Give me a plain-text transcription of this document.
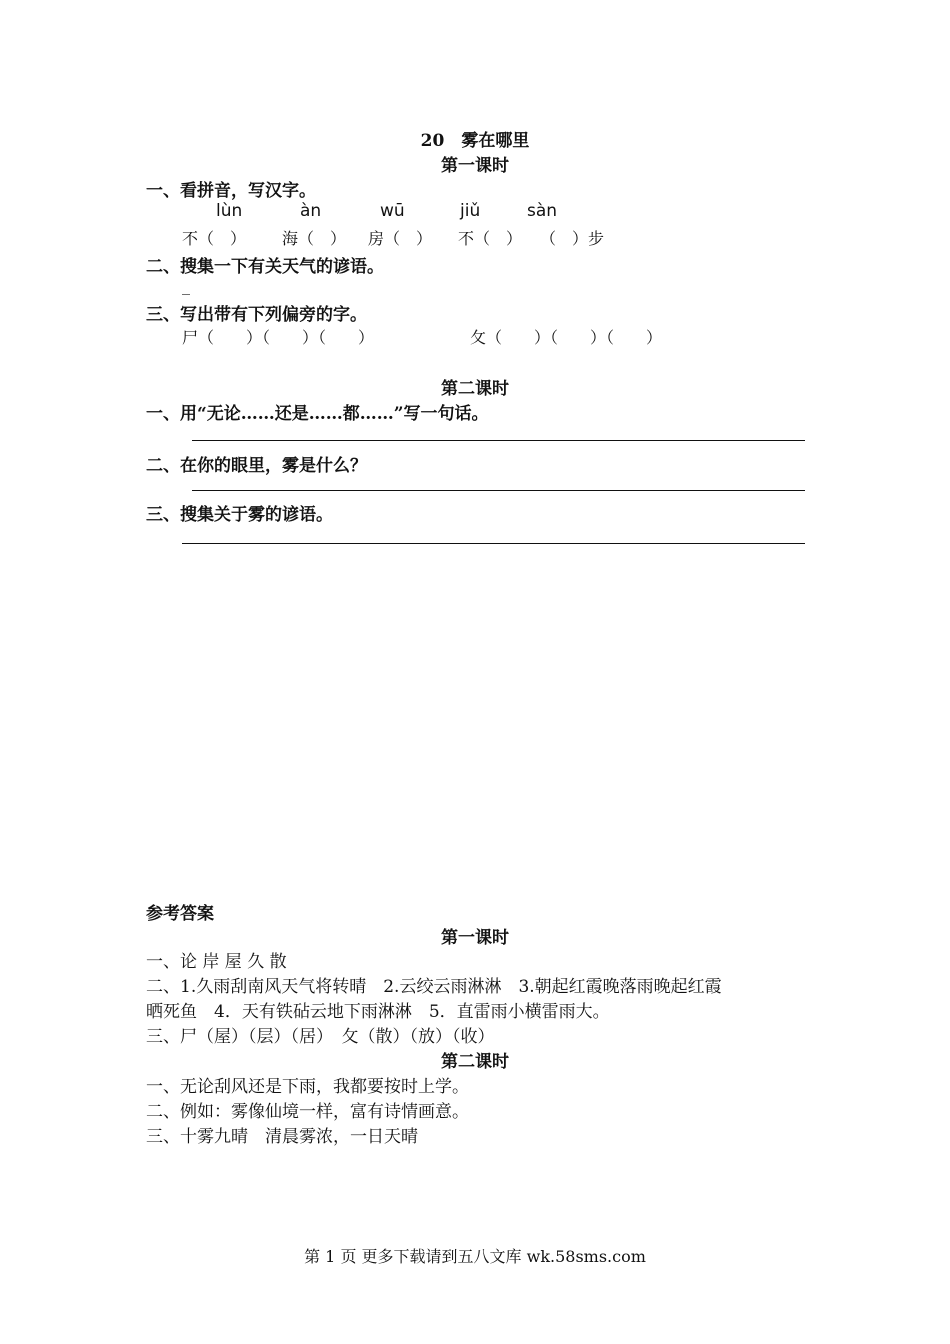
20　雾在哪里
第一课时
一、看拼音，写汉字。
lùn	àn	wū	jiǔ	sàn
不（　） 海（　） 房（　） 不（　） （　）步
二、搜集一下有关天气的谚语。
_
三、写出带有下列偏旁的字。
尸（　　）（　　）（　　）	攵（　　）（　　）（　　）
第二课时
一、用“无论……还是……都……”写一句话。
二、在你的眼里，雾是什么？
三、搜集关于雾的谚语。
参考答案
第一课时
一、论 岸 屋 久 散
二、1.久雨刮南风天气将转晴　2.云绞云雨淋淋　3.朝起红霞晚落雨晚起红霞
晒死鱼　4．天有铁砧云地下雨淋淋　5．直雷雨小横雷雨大。
三、尸（屋）（层）（居）　攵（散）（放）（收）
第二课时
一、无论刮风还是下雨，我都要按时上学。
二、例如：雾像仙境一样，富有诗情画意。
三、十雾九晴　清晨雾浓，一日天晴
第 1 页 更多下载请到五八文库 wk.58sms.com
